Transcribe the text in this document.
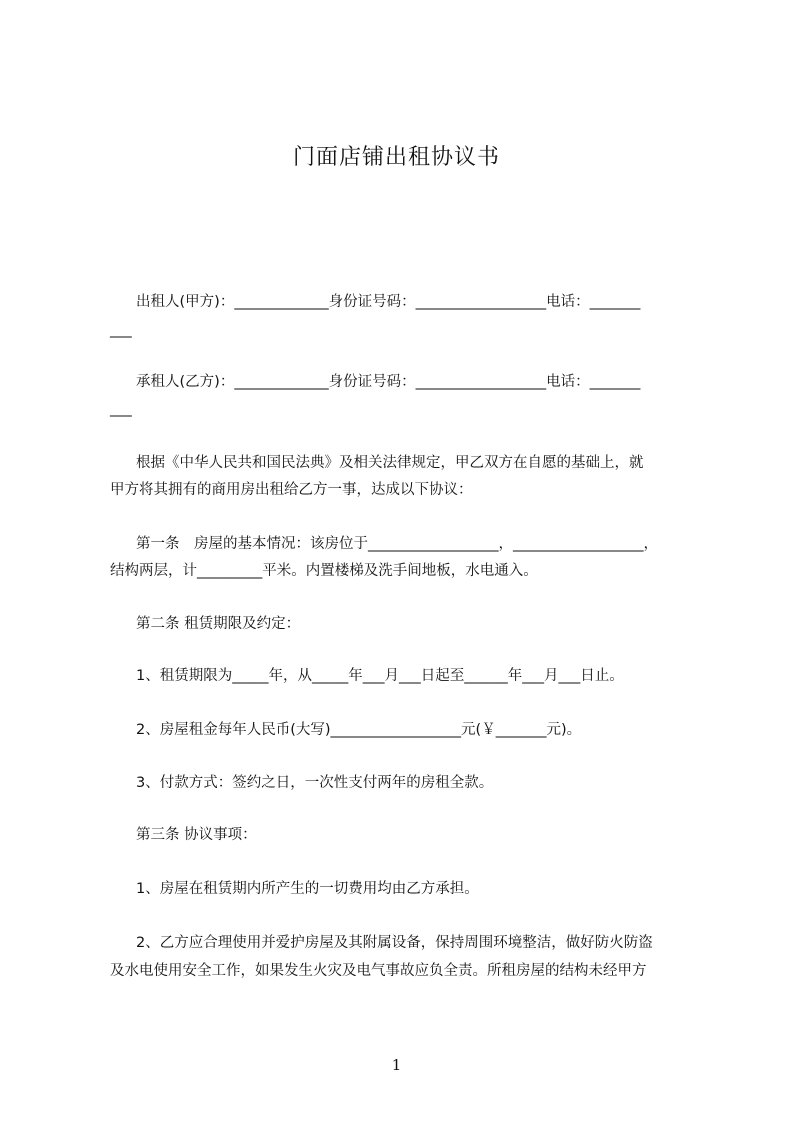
门面店铺出租协议书
出租人(甲方)：_____________身份证号码：__________________电话：_______
___
承租人(乙方)：_____________身份证号码：__________________电话：_______
___
根据《中华人民共和国民法典》及相关法律规定，甲乙双方在自愿的基础上，就
甲方将其拥有的商用房出租给乙方一事，达成以下协议：
第一条　房屋的基本情况：该房位于__________________，__________________，
结构两层，计_________平米。内置楼梯及洗手间地板，水电通入。
第二条 租赁期限及约定：
1、租赁期限为_____年，从_____年___月___日起至______年___月___日止。
2、房屋租金每年人民币(大写)__________________元(￥_______元)。
3、付款方式：签约之日，一次性支付两年的房租全款。
第三条 协议事项：
1、房屋在租赁期内所产生的一切费用均由乙方承担。
2、乙方应合理使用并爱护房屋及其附属设备，保持周围环境整洁，做好防火防盗
及水电使用安全工作，如果发生火灾及电气事故应负全责。所租房屋的结构未经甲方
1
